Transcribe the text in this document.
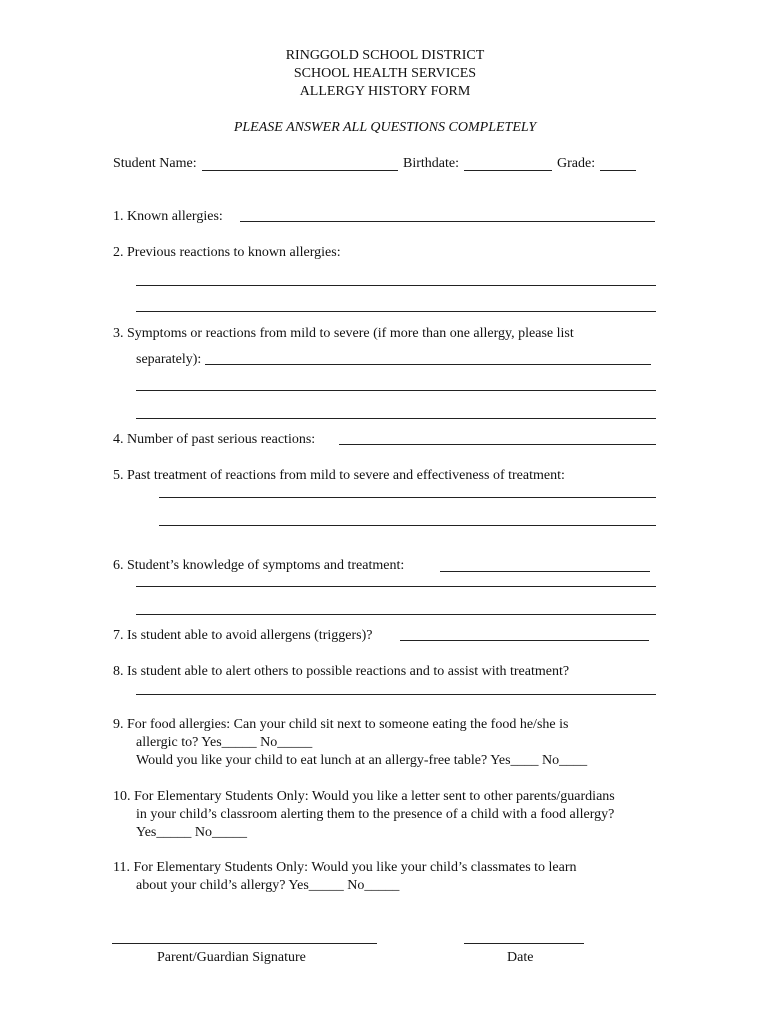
RINGGOLD SCHOOL DISTRICT
SCHOOL HEALTH SERVICES
ALLERGY HISTORY FORM
PLEASE ANSWER ALL QUESTIONS COMPLETELY
Student Name:	Birthdate:	Grade:
1. Known allergies:
2. Previous reactions to known allergies:
3. Symptoms or reactions from mild to severe (if more than one allergy, please list
separately):
4. Number of past serious reactions:
5. Past treatment of reactions from mild to severe and effectiveness of treatment:
6. Student’s knowledge of symptoms and treatment:
7. Is student able to avoid allergens (triggers)?
8. Is student able to alert others to possible reactions and to assist with treatment?
9. For food allergies: Can your child sit next to someone eating the food he/she is
allergic to? Yes_____ No_____
Would you like your child to eat lunch at an allergy-free table? Yes____ No____
10. For Elementary Students Only: Would you like a letter sent to other parents/guardians
in your child’s classroom alerting them to the presence of a child with a food allergy?
Yes_____ No_____
11. For Elementary Students Only: Would you like your child’s classmates to learn
about your child’s allergy? Yes_____ No_____
Parent/Guardian Signature	Date
